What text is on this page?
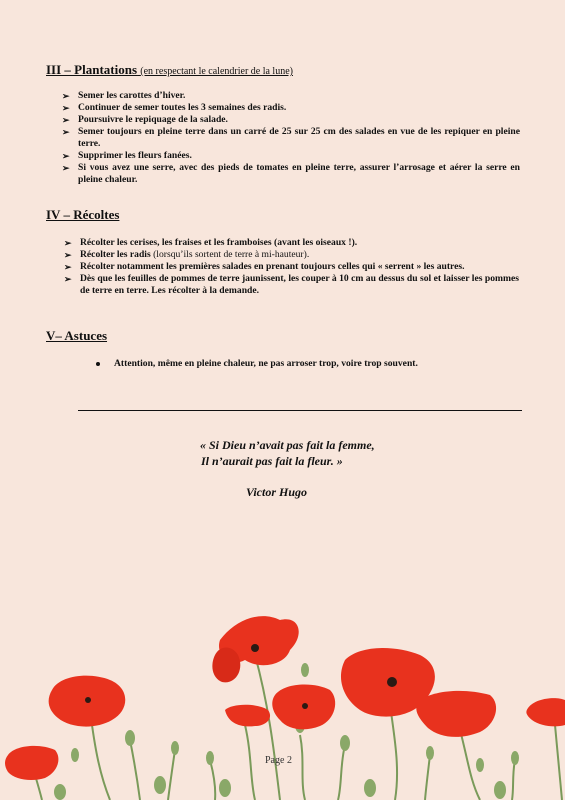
III – Plantations (en respectant le calendrier de la lune)
➢ Semer les carottes d’hiver.
➢ Continuer de semer toutes les 3 semaines des radis.
➢ Poursuivre le repiquage de la salade.
➢ Semer toujours en pleine terre dans un carré de 25 sur 25 cm des salades en vue de les repiquer en pleine terre.
➢ Supprimer les fleurs fanées.
➢ Si vous avez une serre, avec des pieds de tomates en pleine terre, assurer l’arrosage et aérer la serre en pleine chaleur.
IV – Récoltes
➢ Récolter les cerises, les fraises et les framboises (avant les oiseaux !).
➢ Récolter les radis (lorsqu’ils sortent de terre à mi-hauteur).
➢ Récolter notamment les premières salades en prenant toujours celles qui « serrent » les autres.
➢ Dès que les feuilles de pommes de terre jaunissent, les couper à 10 cm au dessus du sol et laisser les pommes de terre en terre. Les récolter à la demande.
V– Astuces
Attention, même en pleine chaleur, ne pas arroser trop, voire trop souvent.
« Si Dieu n’avait pas fait la femme,
Il n’aurait pas fait la fleur. »
Victor Hugo
Page 2
